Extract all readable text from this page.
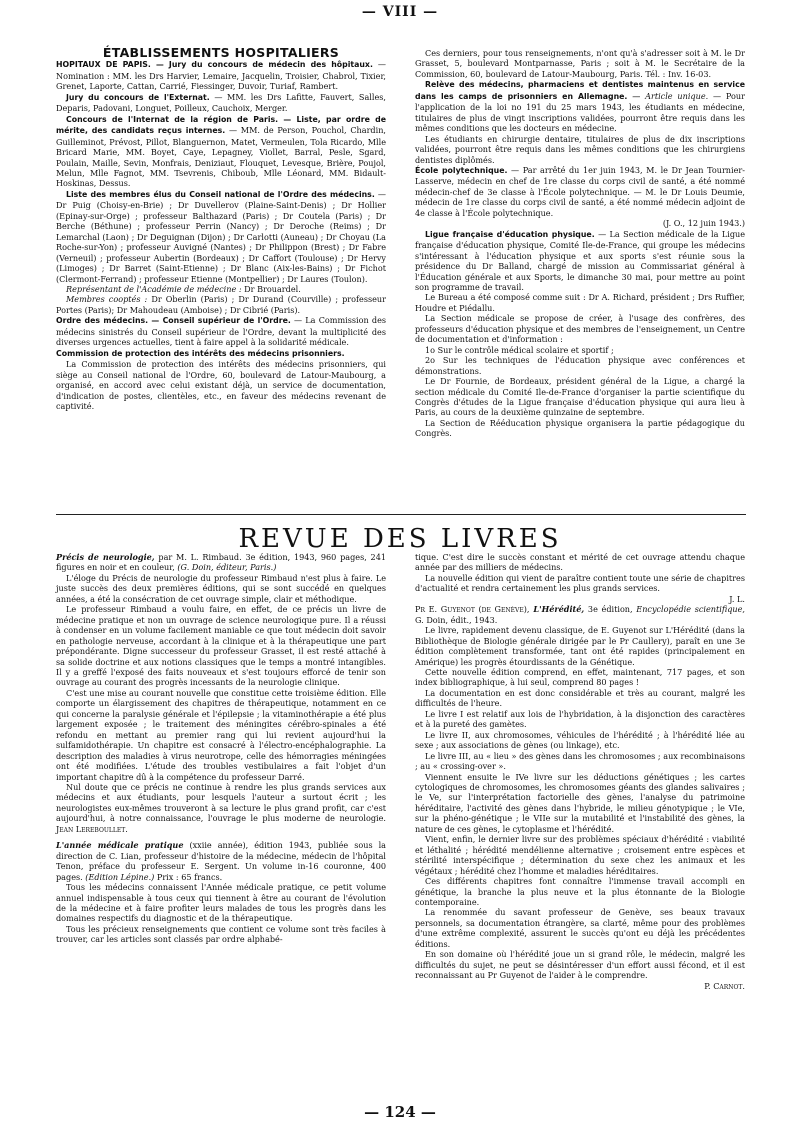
— VIII —
ÉTABLISSEMENTS HOSPITALIERS

HOPITAUX DE PAPIS. — Jury du concours de médecin des hôpitaux. — Nomination : MM. les Drs Harvier, Lemaire, Jacquelin, Troisier, Chabrol, Tixier, Grenet, Laporte, Cattan, Carrié, Fiessinger, Duvoir, Turiaf, Rambert.

Jury du concours de l'Externat. — MM. les Drs Lafitte, Fauvert, Salles, Deparis, Padovani, Longuet, Poilleux, Cauchoix, Merger.

Concours de l'Internat de la région de Paris. — Liste, par ordre de mérite, des candidats reçus internes. — MM. de Person, Pouchol, Chardin, Guilleminot, Prévost, Pillot, Blanguernon, Matet, Vermeulen, Tola Ricardo, Mlle Bricard Marie, MM. Boyet, Caye, Lepagney, Viollet, Barral, Pesle, Sgard, Poulain, Maille, Sevin, Monfrais, Deniziaut, Flouquet, Levesque, Brière, Poujol, Melun, Mlle Fagnot, MM. Tsevrenis, Chiboub, Mlle Léonard, MM. Bidault-Hoskinas, Dessus.

Liste des membres élus du Conseil national de l'Ordre des médecins. — Dr Puig (Choisy-en-Brie) ; Dr Duvellerov (Plaine-Saint-Denis) ; Dr Hollier (Epinay-sur-Orge) ; professeur Balthazard (Paris) ; Dr Coutela (Paris) ; Dr Berche (Béthune) ; professeur Perrin (Nancy) ; Dr Deroche (Reims) ; Dr Lemarchal (Laon) ; Dr Deguignan (Dijon) ; Dr Carlotti (Auneau) ; Dr Choyau (La Roche-sur-Yon) ; professeur Auvigné (Nantes) ; Dr Philippon (Brest) ; Dr Fabre (Verneuil) ; professeur Aubertin (Bordeaux) ; Dr Caffort (Toulouse) ; Dr Hervy (Limoges) ; Dr Barret (Saint-Etienne) ; Dr Blanc (Aix-les-Bains) ; Dr Fichot (Clermont-Ferrand) ; professeur Etienne (Montpellier) ; Dr Laures (Toulon).

Représentant de l'Académie de médecine : Dr Brouardel.

Membres cooptés : Dr Oberlin (Paris) ; Dr Durand (Courville) ; professeur Portes (Paris); Dr Mahoudeau (Amboise) ; Dr Cibrié (Paris).

Ordre des médecins. — Conseil supérieur de l'Ordre. — La Commission des médecins sinistrés du Conseil supérieur de l'Ordre, devant la multiplicité des diverses urgences actuelles, tient à faire appel à la solidarité médicale.

Commission de protection des intérêts des médecins prisonniers.

La Commission de protection des intérêts des médecins prisonniers, qui siège au Conseil national de l'Ordre, 60, boulevard de Latour-Maubourg, a organisé, en accord avec celui existant déjà, un service de documentation, d'indication de postes, clientèles, etc., en faveur des médecins revenant de captivité.

Ces derniers, pour tous renseignements, n'ont qu'à s'adresser soit à M. le Dr Grasset, 5, boulevard Montparnasse, Paris ; soit à M. le Secrétaire de la Commission, 60, boulevard de Latour-Maubourg, Paris. Tél. : Inv. 16-03.

Relève des médecins, pharmaciens et dentistes maintenus en service dans les camps de prisonniers en Allemagne. — Article unique. — Pour l'application de la loi no 191 du 25 mars 1943, les étudiants en médecine, titulaires de plus de vingt inscriptions validées, pourront être requis dans les mêmes conditions que les docteurs en médecine.

Les étudiants en chirurgie dentaire, titulaires de plus de dix inscriptions validées, pourront être requis dans les mêmes conditions que les chirurgiens dentistes diplômés.

École polytechnique. — Par arrêté du 1er juin 1943, M. le Dr Jean Tournier-Lasserve, médecin en chef de 1re classe du corps civil de santé, a été nommé médecin-chef de 3e classe à l'École polytechnique. — M. le Dr Louis Deumie, médecin de 1re classe du corps civil de santé, a été nommé médecin adjoint de 4e classe à l'École polytechnique.

(J. O., 12 juin 1943.)

Ligue française d'éducation physique. — La Section médicale de la Ligue française d'éducation physique, Comité Ile-de-France, qui groupe les médecins s'intéressant à l'éducation physique et aux sports s'est réunie sous la présidence du Dr Balland, chargé de mission au Commissariat général à l'Éducation générale et aux Sports, le dimanche 30 mai, pour mettre au point son programme de travail.

Le Bureau a été composé comme suit : Dr A. Richard, président ; Drs Ruffier, Houdre et Piédallu.

La Section médicale se propose de créer, à l'usage des confrères, des professeurs d'éducation physique et des membres de l'enseignement, un Centre de documentation et d'information :

1o Sur le contrôle médical scolaire et sportif ;

2o Sur les techniques de l'éducation physique avec conférences et démonstrations.

Le Dr Fournie, de Bordeaux, président général de la Ligue, a chargé la section médicale du Comité Ile-de-France d'organiser la partie scientifique du Congrès d'études de la Ligue française d'éducation physique qui aura lieu à Paris, au cours de la deuxième quinzaine de septembre.

La Section de Rééducation physique organisera la partie pédagogique du Congrès.

REVUE DES LIVRES

Précis de neurologie, par M. L. Rimbaud. 3e édition, 1943, 960 pages, 241 figures en noir et en couleur, (G. Doin, éditeur, Paris.)

L'éloge du Précis de neurologie du professeur Rimbaud n'est plus à faire. Le juste succès des deux premières éditions, qui se sont succédé en quelques années, a été la consécration de cet ouvrage simple, clair et méthodique.

Le professeur Rimbaud a voulu faire, en effet, de ce précis un livre de médecine pratique et non un ouvrage de science neurologique pure. Il a réussi à condenser en un volume facilement maniable ce que tout médecin doit savoir en pathologie nerveuse, accordant à la clinique et à la thérapeutique une part prépondérante. Digne successeur du professeur Grasset, il est resté attaché à sa solide doctrine et aux notions classiques que le temps a montré intangibles. Il y a greffé l'exposé des faits nouveaux et s'est toujours efforcé de tenir son ouvrage au courant des progrès incessants de la neurologie clinique.

C'est une mise au courant nouvelle que constitue cette troisième édition. Elle comporte un élargissement des chapitres de thérapeutique, notamment en ce qui concerne la paralysie générale et l'épilepsie ; la vitaminothérapie a été plus largement exposée ; le traitement des méningites cérébro-spinales a été refondu en mettant au premier rang qui lui revient aujourd'hui la sulfamidothérapie. Un chapitre est consacré à l'électro-encéphalographie. La description des maladies à virus neurotrope, celle des hémorragies méningées ont été modifiées. L'étude des troubles vestibulaires a fait l'objet d'un important chapitre dû à la compétence du professeur Darré.

Nul doute que ce précis ne continue à rendre les plus grands services aux médecins et aux étudiants, pour lesquels l'auteur a surtout écrit ; les neurologistes eux-mêmes trouveront à sa lecture le plus grand profit, car c'est aujourd'hui, à notre connaissance, l'ouvrage le plus moderne de neurologie. Jean Lereboullet.

L'année médicale pratique (xxiie année), édition 1943, publiée sous la direction de C. Lian, professeur d'histoire de la médecine, médecin de l'hôpital Tenon, préface du professeur E. Sergent. Un volume in-16 couronne, 400 pages. (Edition Lépine.) Prix : 65 francs.

Tous les médecins connaissent l'Année médicale pratique, ce petit volume annuel indispensable à tous ceux qui tiennent à être au courant de l'évolution de la médecine et à faire profiter leurs malades de tous les progrès dans les domaines respectifs du diagnostic et de la thérapeutique.

Tous les précieux renseignements que contient ce volume sont très faciles à trouver, car les articles sont classés par ordre alphabé-

tique. C'est dire le succès constant et mérité de cet ouvrage attendu chaque année par des milliers de médecins.

La nouvelle édition qui vient de paraître contient toute une série de chapitres d'actualité et rendra certainement les plus grands services.

J. L.

Pr E. Guyenot (de Genève), L'Hérédité, 3e édition, Encyclopédie scientifique, G. Doin, édit., 1943.

Le livre, rapidement devenu classique, de E. Guyenot sur L'Hérédité (dans la Bibliothèque de Biologie générale dirigée par le Pr Caullery), paraît en une 3e édition complètement transformée, tant ont été rapides (principalement en Amérique) les progrès étourdissants de la Génétique.

Cette nouvelle édition comprend, en effet, maintenant, 717 pages, et son index bibliographique, à lui seul, comprend 80 pages !

La documentation en est donc considérable et très au courant, malgré les difficultés de l'heure.

Le livre I est relatif aux lois de l'hybridation, à la disjonction des caractères et à la pureté des gamètes.

Le livre II, aux chromosomes, véhicules de l'hérédité ; à l'hérédité liée au sexe ; aux associations de gènes (ou linkage), etc.

Le livre III, au « lieu » des gènes dans les chromosomes ; aux recombinaisons ; au « crossing-over ».

Viennent ensuite le IVe livre sur les déductions génétiques ; les cartes cytologiques de chromosomes, les chromosomes géants des glandes salivaires ; le Ve, sur l'interprétation factorielle des gènes, l'analyse du patrimoine héréditaire, l'activité des gènes dans l'hybride, le milieu génotypique ; le VIe, sur la phéno-génétique ; le VIIe sur la mutabilité et l'instabilité des gènes, la nature de ces gènes, le cytoplasme et l'hérédité.

Vient, enfin, le dernier livre sur des problèmes spéciaux d'hérédité : viabilité et léthalité ; hérédité mendélienne alternative ; croisement entre espèces et stérilité interspécifique ; détermination du sexe chez les animaux et les végétaux ; hérédité chez l'homme et maladies héréditaires.

Ces différents chapitres font connaître l'immense travail accompli en génétique, la branche la plus neuve et la plus étonnante de la Biologie contemporaine.

La renommée du savant professeur de Genève, ses beaux travaux personnels, sa documentation étrangère, sa clarté, même pour des problèmes d'une extrême complexité, assurent le succès qu'ont eu déjà les précédentes éditions.

En son domaine où l'hérédité joue un si grand rôle, le médecin, malgré les difficultés du sujet, ne peut se désintéresser d'un effort aussi fécond, et il est reconnaissant au Pr Guyenot de l'aider à le comprendre.

P. Carnot.

— 124 —
